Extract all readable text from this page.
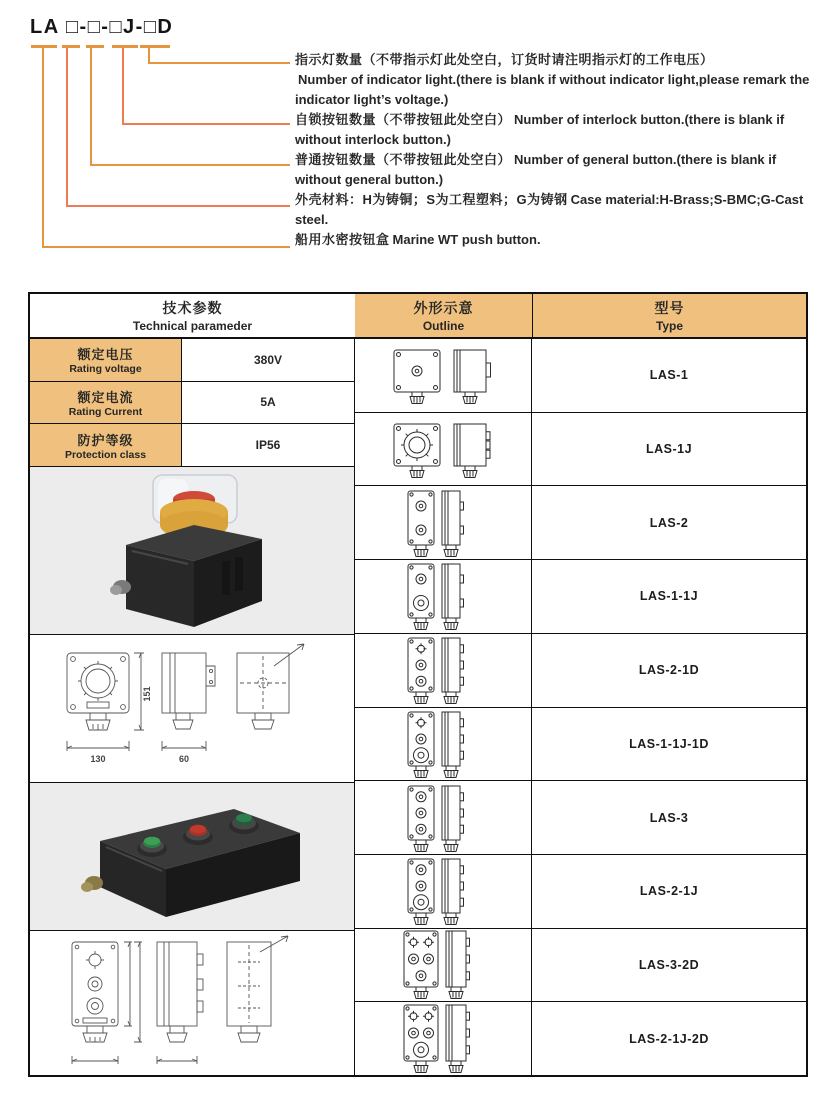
LA □-□-□J-□D

指示灯数量（不带指示灯此处空白，订货时请注明指示灯的工作电压）
Number of indicator light.(there is blank if without indicator light,please remark the indicator light’s voltage.)

自锁按钮数量（不带按钮此处空白） Number of interlock button.(there is blank if without interlock button.)

普通按钮数量（不带按钮此处空白） Number of general button.(there is blank if without general button.)

外壳材料：H为铸铜；S为工程塑料；G为铸钢 Case material:H-Brass;S-BMC;G-Cast steel.

船用水密按钮盒 Marine WT push button.

技术参数
Technical parameder
外形示意
Outline
型号
Type
额定电压
Rating voltage
380V
额定电流
Rating Current
5A
防护等级
Protection class
IP56
130
151
60
LAS-1
LAS-1J
LAS-2
LAS-1-1J
LAS-2-1D
LAS-1-1J-1D
LAS-3
LAS-2-1J
LAS-3-2D
LAS-2-1J-2D
